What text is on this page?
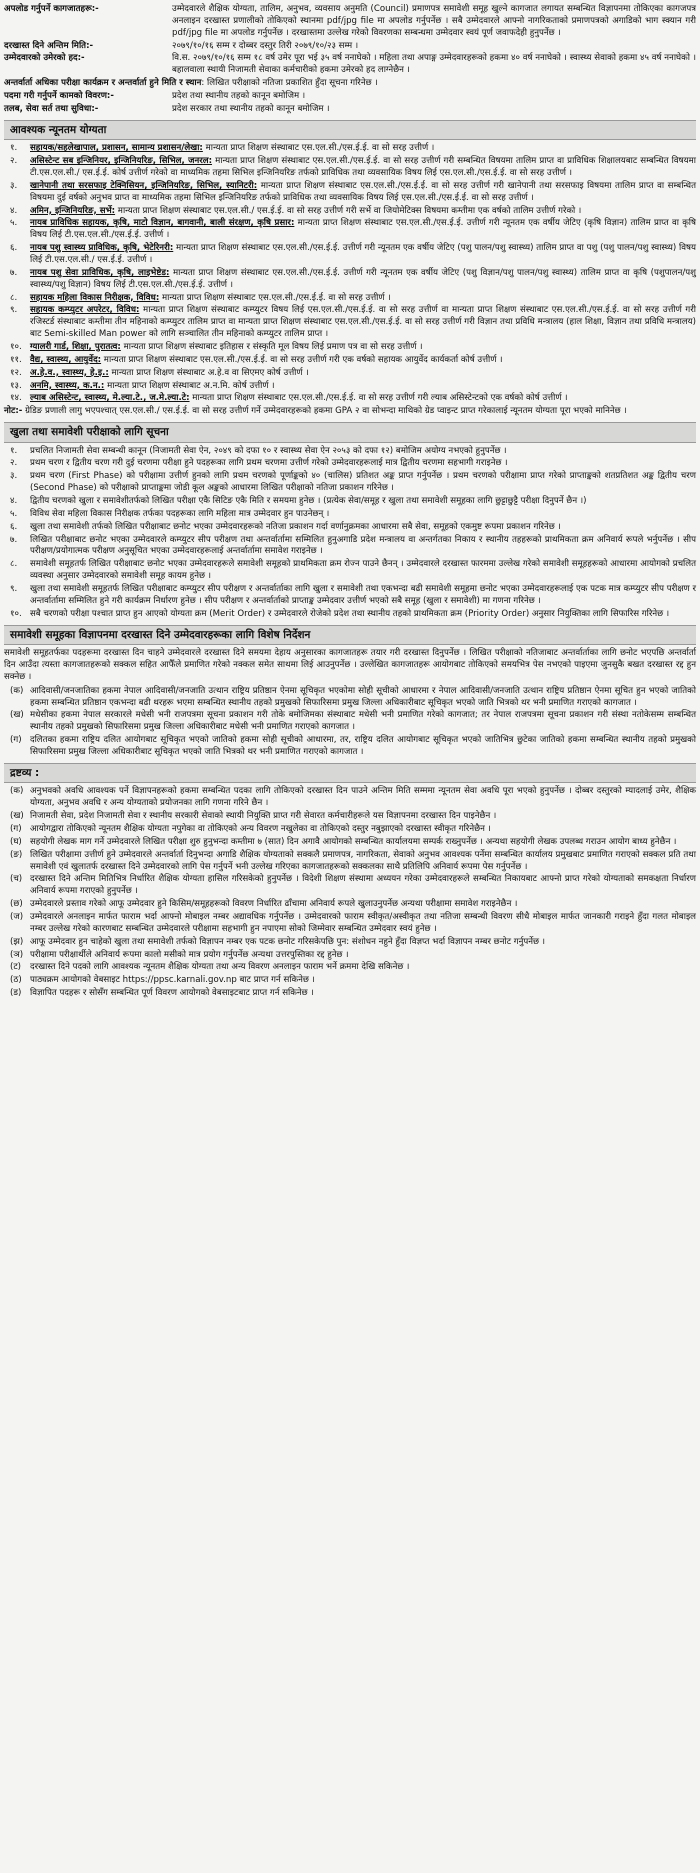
अपलोड गर्नुपर्ने कागजातहरू:-	उम्मेदवारले शैक्षिक योग्यता, तालिम, अनुभव, व्यवसाय अनुमति (Council) प्रमाणपत्र समावेशी समूह खुल्ने कागजात लगायत सम्बन्धित विज्ञापनमा तोकिएका कागजपत्र अनलाइन दरखास्त प्रणालीको तोकिएको स्थानमा pdf/jpg file मा अपलोड गर्नुपर्नेछ । सबै उम्मेदवारले आफ्नो नागरिकताको प्रमाणपत्रको अगाडिको भाग स्क्यान गरी pdf/jpg file मा अपलोड गर्नुपर्नेछ । दरखास्तमा उल्लेख गरेको विवरणका सम्बन्धमा उम्मेदवार स्वयं पूर्ण जवाफदेही हुनुपर्नेछ ।
दरखास्त दिने अन्तिम मिति:-	२०७९/१०/१६ सम्म र दोब्बर दस्तुर तिरी २०७९/१०/२३ सम्म ।
उम्मेदवारको उमेरको हद:-	वि.स. २०७९/१०/१६ सम्म १८ वर्ष उमेर पूरा भई ३५ वर्ष ननाघेको । महिला तथा अपाङ्ग उम्मेदवारहरूको हकमा ४० वर्ष ननाघेको । स्वास्थ्य सेवाको हकमा ४५ वर्ष ननाघेको । बहालवाला स्थायी निजामती सेवाका कर्मचारीको हकमा उमेरको हद लाग्नेछैन ।
अन्तर्वार्ता अधिका परीक्षा कार्यक्रम र अन्तर्वार्ता हुने मिति र स्थान: लिखित परीक्षाको नतिजा प्रकाशित हुँदा सूचना गरिनेछ ।
पदमा गरी गर्नुपर्ने कामको विवरण:-	प्रदेश तथा स्थानीय तहको कानून बमोजिम ।
तलब, सेवा सर्त तथा सुविधा:-	प्रदेश सरकार तथा स्थानीय तहको कानून बमोजिम ।
आवश्यक न्यूनतम योग्यता
१.	सहायक/सहलेखापाल, प्रशासन, सामान्य प्रशासन/लेखा: मान्यता प्राप्त शिक्षण संस्थाबाट एस.एल.सी./एस.ई.ई. वा सो सरह उत्तीर्ण ।
२.	असिस्टेन्ट सब इन्जिनियर, इन्जिनियरिङ, सिभिल, जनरल: मान्यता प्राप्त शिक्षण संस्थाबाट एस.एल.सी./एस.ई.ई. वा सो सरह उत्तीर्ण गरी सम्बन्धित विषयमा तालिम प्राप्त वा प्राविधिक शिक्षालयबाट सम्बन्धित विषयमा टी.एस.एल.सी./ एस.ई.ई. कोर्ष उत्तीर्ण गरेको वा माध्यमिक तहमा सिभिल इन्जिनियरिङ तर्फको प्राविधिक तथा व्यवसायिक विषय लिई एस.एल.सी./एस.ई.ई. वा सो सरह उत्तीर्ण ।
३.	खानेपानी तथा सरसफाइ टेक्निसियन, इन्जिनियरिङ, सिभिल, स्यानिटरी: मान्यता प्राप्त शिक्षण संस्थाबाट एस.एल.सी./एस.ई.ई. वा सो सरह उत्तीर्ण गरी खानेपानी तथा सरसफाइ विषयमा तालिम प्राप्त वा सम्बन्धित विषयमा दुई वर्षको अनुभव प्राप्त वा माध्यमिक तहमा सिभिल इन्जिनियरिङ तर्फको प्राविधिक तथा व्यवसायिक विषय लिई एस.एल.सी./एस.ई.ई. वा सो सरह उत्तीर्ण ।
४.	अमिन, इन्जिनियरिङ, सर्भे: मान्यता प्राप्त शिक्षण संस्थाबाट एस.एल.सी./ एस.ई.ई. वा सो सरह उत्तीर्ण गरी सर्भे वा जियोमेटिक्स विषयमा कम्तीमा एक वर्षको तालिम उत्तीर्ण गरेको ।
५.	नायब प्राविधिक सहायक, कृषि, माटो विज्ञान, बागवानी, बाली संरक्षण, कृषि प्रसार: मान्यता प्राप्त शिक्षण संस्थाबाट एस.एल.सी./एस.ई.ई. उत्तीर्ण गरी न्यूनतम एक वर्षीय जेटिए (कृषि विज्ञान) तालिम प्राप्त वा कृषि विषय लिई टी.एस.एल.सी./एस.ई.ई. उत्तीर्ण ।
६.	नायब पशु स्वास्थ्य प्राविधिक, कृषि, भेटेरिनरी: मान्यता प्राप्त शिक्षण संस्थाबाट एस.एल.सी./एस.ई.ई. उत्तीर्ण गरी न्यूनतम एक वर्षीय जेटिए (पशु पालन/पशु स्वास्थ्य) तालिम प्राप्त वा पशु (पशु पालन/पशु स्वास्थ्य) विषय लिई टी.एस.एल.सी./ एस.ई.ई. उत्तीर्ण ।
७.	नायब पशु सेवा प्राविधिक, कृषि, लाइभेष्टेड: मान्यता प्राप्त शिक्षण संस्थाबाट एस.एल.सी./एस.ई.ई. उत्तीर्ण गरी न्यूनतम एक वर्षीय जेटिए (पशु विज्ञान/पशु पालन/पशु स्वास्थ्य) तालिम प्राप्त वा कृषि (पशुपालन/पशु स्वास्थ्य/पशु विज्ञान) विषय लिई टी.एस.एल.सी./एस.ई.ई. उत्तीर्ण ।
८.	सहायक महिला विकास निरीक्षक, विविध: मान्यता प्राप्त शिक्षण संस्थाबाट एस.एल.सी./एस.ई.ई. वा सो सरह उत्तीर्ण ।
९.	सहायक कम्प्युटर अपरेटर, विविध: मान्यता प्राप्त शिक्षण संस्थाबाट कम्प्युटर विषय लिई एस.एल.सी./एस.ई.ई. वा सो सरह उत्तीर्ण वा मान्यता प्राप्त शिक्षण संस्थाबाट एस.एल.सी./एस.ई.ई. वा सो सरह उत्तीर्ण गरी रजिस्टर्ड संस्थाबाट कम्तीमा तीन महिनाको कम्प्युटर तालिम प्राप्त वा मान्यता प्राप्त शिक्षण संस्थाबाट एस.एल.सी./एस.ई.ई. वा सो सरह उत्तीर्ण गरी विज्ञान तथा प्रविधि मन्त्रालय (हाल शिक्षा, विज्ञान तथा प्रविधि मन्त्रालय) बाट Semi-skilled Man power को लागि सञ्चालित तीन महिनाको कम्प्युटर तालिम प्राप्त ।
१०. ग्यालरी गार्ड, शिक्षा, पुरातत्व: मान्यता प्राप्त शिक्षण संस्थाबाट इतिहास र संस्कृति मूल विषय लिई प्रमाण पत्र वा सो सरह उत्तीर्ण ।
११. वैद्य, स्वास्थ्य, आयुर्वेद: मान्यता प्राप्त शिक्षण संस्थाबाट एस.एल.सी./एस.ई.ई. वा सो सरह उत्तीर्ण गरी एक वर्षको सहायक आयुर्वेद कार्यकर्ता कोर्ष उत्तीर्ण ।
१२. अ.हे.व., स्वास्थ्य, हे.इ.: मान्यता प्राप्त शिक्षण संस्थाबाट अ.हे.व वा सिएमए कोर्ष उत्तीर्ण ।
१३. अनमि, स्वास्थ्य, क.न.: मान्यता प्राप्त शिक्षण संस्थाबाट अ.न.मि. कोर्ष उत्तीर्ण ।
१४. ल्याब असिस्टेन्ट, स्वास्थ्य, मे.ल्या.टे., ज.मे.ल्या.टे: मान्यता प्राप्त शिक्षण संस्थाबाट एस.एल.सी./एस.ई.ई. वा सो सरह उत्तीर्ण गरी ल्याब असिस्टेन्टको एक वर्षको कोर्ष उत्तीर्ण ।
नोट:- ग्रेडिङ प्रणाली लागु भएपश्चात् एस.एल.सी./ एस.ई.ई. वा सो सरह उत्तीर्ण गर्ने उम्मेदवारहरूको हकमा GPA २ वा सोभन्दा माथिको ग्रेड प्वाइन्ट प्राप्त गरेकालाई न्यूनतम योग्यता पूरा भएको मानिनेछ ।
खुला तथा समावेशी परीक्षाको लागि सूचना
१.	प्रचलित निजामती सेवा सम्बन्धी कानून (निजामती सेवा ऐन, २०४९ को दफा १० र स्वास्थ्य सेवा ऐन २०५३ को दफा १२) बमोजिम अयोग्य नभएको हुनुपर्नेछ ।
२.	प्रथम चरण र द्वितीय चरण गरी दुई चरणमा परीक्षा हुने पदहरूका लागि प्रथम चरणमा उत्तीर्ण गरेको उम्मेदवारहरूलाई मात्र द्वितीय चरणमा सहभागी गराइनेछ ।
३.	प्रथम चरण (First Phase) को परीक्षामा उत्तीर्ण हुनको लागि प्रथम चरणको पूर्णाङ्कको ४० (चालिस) प्रतिशत अङ्क प्राप्त गर्नुपर्नेछ । प्रथम चरणको परीक्षामा प्राप्त गरेको प्राप्ताङ्कको शतप्रतिशत अङ्क द्वितीय चरण (Second Phase) को परीक्षाको प्राप्ताङ्कमा जोडी कूल अङ्कको आधारमा लिखित परीक्षाको नतिजा प्रकाशन गरिनेछ ।
४.	द्वितीय चरणको खुला र समावेशीतर्फको लिखित परीक्षा एकै सिटिङ एकै मिति र समयमा हुनेछ । (प्रत्येक सेवा/समूह र खुला तथा समावेशी समूहका लागि छुट्टाछुट्टै परीक्षा दिनुपर्ने छैन ।)
५.	विविध सेवा महिला विकास निरीक्षक तर्फका पदहरूका लागि महिला मात्र उम्मेदवार हुन पाउनेछन् ।
६.	खुला तथा समावेशी तर्फको लिखित परीक्षाबाट छनोट भएका उम्मेदवारहरूको नतिजा प्रकाशन गर्दा वर्णानुक्रमका आधारमा सबै सेवा, समूहको एकमुष्ट रूपमा प्रकाशन गरिनेछ ।
७.	लिखित परीक्षाबाट छनोट भएका उम्मेदवारले कम्प्युटर सीप परीक्षण तथा अन्तर्वार्तामा सम्मिलित हुनुअगाडि प्रदेश मन्त्रालय वा अन्तर्गतका निकाय र स्थानीय तहहरूको प्राथमिकता क्रम अनिवार्य रूपले भर्नुपर्नेछ । सीप परीक्षण/प्रयोगात्मक परीक्षण अनुसूचित भएका उम्मेदवारहरूलाई अन्तर्वार्तामा समावेश गराइनेछ ।
८.	समावेशी समूहतर्फ लिखित परीक्षाबाट छनोट भएका उम्मेदवारहरूले समावेशी समूहको प्राथमिकता क्रम रोज्न पाउने छैनन् । उम्मेदवारले दरखास्त फारममा उल्लेख गरेको समावेशी समूहहरूको आधारमा आयोगको प्रचलित व्यवस्था अनुसार उम्मेदवारको समावेशी समूह कायम हुनेछ ।
९.	खुला तथा समावेशी समूहतर्फ लिखित परीक्षाबाट कम्प्युटर सीप परीक्षण र अन्तर्वार्ताका लागि खुला र समावेशी तथा एकभन्दा बढी समावेशी समूहमा छनोट भएका उम्मेदवारहरूलाई एक पटक मात्र कम्प्युटर सीप परीक्षण र अन्तर्वार्तामा सम्मिलित हुने गरी कार्यक्रम निर्धारण हुनेछ । सीप परीक्षण र अन्तर्वार्ताको प्राप्ताङ्क उम्मेदवार उत्तीर्ण भएको सबै समूह (खुला र समावेशी) मा गणना गरिनेछ ।
१०. सबै चरणको परीक्षा पश्चात प्राप्त हुन आएको योग्यता क्रम (Merit Order) र उम्मेदवारले रोजेको प्रदेश तथा स्थानीय तहको प्राथमिकता क्रम (Priority Order) अनुसार नियुक्तिका लागि सिफारिस गरिनेछ ।
समावेशी समूहका विज्ञापनमा दरखास्त दिने उम्मेदवारहरूका लागि विशेष निर्देशन
समावेशी समूहतर्फका पदहरूमा दरखास्त दिन चाहने उम्मेदवारले दरखास्त दिने समयमा देहाय अनुसारका कागजातहरू तयार गरी दरखास्त दिनुपर्नेछ । लिखित परीक्षाको नतिजाबाट अन्तर्वार्ताका लागि छनोट भएपछि अन्तर्वार्ता दिन आउँदा त्यस्ता कागजातहरूको सक्कल सहित आफैँले प्रमाणित गरेको नक्कल समेत साथमा लिई आउनुपर्नेछ । उल्लेखित कागजातहरू आयोगबाट तोकिएको समयभित्र पेस नभएको पाइएमा जुनसुकै बखत दरखास्त रद्द हुन सक्नेछ ।
(क) आदिवासी/जनजातिका हकमा नेपाल आदिवासी/जनजाति उत्थान राष्ट्रिय प्रतिष्ठान ऐनमा सूचिकृत भएकोमा सोही सूचीको आधारमा र नेपाल आदिवासी/जनजाति उत्थान राष्ट्रिय प्रतिष्ठान ऐनमा सूचित हुन भएको जातिको हकमा सम्बन्धित प्रतिष्ठान एकभन्दा बढी थरहरू भएमा सम्बन्धित स्थानीय तहको प्रमुखको सिफारिसमा प्रमुख जिल्ला अधिकारीबाट सूचिकृत भएको जाति भित्रको थर भनी प्रमाणित गराएको कागजात ।
(ख) मधेसीका हकमा नेपाल सरकारले मधेसी भनी राजपत्रमा सूचना प्रकाशन गरी तोके बमोजिमका संस्थाबाट मधेसी भनी प्रमाणित गरेको कागजात; तर नेपाल राजपत्रमा सूचना प्रकाशन गरी संस्था नतोकेसम्म सम्बन्धित स्थानीय तहको प्रमुखको सिफारिसमा प्रमुख जिल्ला अधिकारीबाट मधेसी भनी प्रमाणित गराएको कागजात ।
(ग) दलितका हकमा राष्ट्रिय दलित आयोगबाट सूचिकृत भएको जातिको हकमा सोही सूचीको आधारमा, तर, राष्ट्रिय दलित आयोगबाट सूचिकृत भएको जातिभित्र छुटेका जातिको हकमा सम्बन्धित स्थानीय तहको प्रमुखको सिफारिसमा प्रमुख जिल्ला अधिकारीबाट सूचिकृत भएको जाति भित्रको थर भनी प्रमाणित गराएको कागजात ।
द्रष्टव्य :
(क) अनुभवको अवधि आवश्यक पर्ने विज्ञापनहरूको हकमा सम्बन्धित पदका लागि तोकिएको दरखास्त दिन पाउने अन्तिम मिति सम्ममा न्यूनतम सेवा अवधि पूरा भएको हुनुपर्नेछ । दोब्बर दस्तुरको म्यादलाई उमेर, शैक्षिक योग्यता, अनुभव अवधि र अन्य योग्यताको प्रयोजनका लागि गणना गरिने छैन ।
(ख) निजामती सेवा, प्रदेश निजामती सेवा र स्थानीय सरकारी सेवाको स्थायी नियुक्ति प्राप्त गरी सेवारत कर्मचारीहरूले यस विज्ञापनमा दरखास्त दिन पाइनेछैन ।
(ग) आयोगद्वारा तोकिएको न्यूनतम शैक्षिक योग्यता नपुगेका वा तोकिएको अन्य विवरण नखुलेका वा तोकिएको दस्तुर नबुझाएको दरखास्त स्वीकृत गरिनेछैन ।
(घ) सहयोगी लेखक माग गर्ने उम्मेदवारले लिखित परीक्षा शुरु हुनुभन्दा कम्तीमा ७ (सात) दिन अगावै आयोगको सम्बन्धित कार्यालयमा सम्पर्क राख्नुपर्नेछ । अन्यथा सहयोगी लेखक उपलब्ध गराउन आयोग बाध्य हुनेछैन ।
(ङ) लिखित परीक्षामा उत्तीर्ण हुने उम्मेदवारले अन्तर्वार्ता दिनुभन्दा अगाडि शैक्षिक योग्यताको सक्कलै प्रमाणपत्र, नागरिकता, सेवाको अनुभव आवश्यक पर्नेमा सम्बन्धित कार्यालय प्रमुखबाट प्रमाणित गराएको सक्कल प्रति तथा समावेशी एवं खुलातर्फ दरखास्त दिने उम्मेदवारको लागि पेस गर्नुपर्ने भनी उल्लेख गरिएका कागजातहरूको सक्कलका साथै प्रतिलिपि अनिवार्य रूपमा पेस गर्नुपर्नेछ ।
(च) दरखास्त दिने अन्तिम मितिभित्र निर्धारित शैक्षिक योग्यता हासिल गरिसकेको हुनुपर्नेछ । विदेशी शिक्षण संस्थामा अध्ययन गरेका उम्मेदवारहरूले सम्बन्धित निकायबाट आफ्नो प्राप्त गरेको योग्यताको समकक्षता निर्धारण अनिवार्य रूपमा गराएको हुनुपर्नेछ ।
(छ) उम्मेदवारले प्रस्ताव गरेको आफू उम्मेदवार हुने किसिम/समूहहरूको विवरण निर्धारित ढाँचामा अनिवार्य रूपले खुलाउनुपर्नेछ अन्यथा परीक्षामा समावेश गराइनेछैन ।
(ज) उम्मेदवारले अनलाइन मार्फत फाराम भर्दा आफ्नो मोबाइल नम्बर अद्यावधिक गर्नुपर्नेछ । उम्मेदवारको फाराम स्वीकृत/अस्वीकृत तथा नतिजा सम्बन्धी विवरण सीधै मोबाइल मार्फत जानकारी गराइने हुँदा गलत मोबाइल नम्बर उल्लेख गरेको कारणबाट सम्बन्धित उम्मेदवारले परीक्षामा सहभागी हुन नपाएमा सोको जिम्मेवार सम्बन्धित उम्मेदवार स्वयं हुनेछ ।
(झ) आफू उम्मेदवार हुन चाहेको खुला तथा समावेशी तर्फको विज्ञापन नम्बर एक पटक छनोट गरिसकेपछि पुन: संशोधन नहुने हुँदा विज्ञप्त भर्दा विज्ञापन नम्बर छनोट गर्नुपर्नेछ ।
(ञ) परीक्षामा परीक्षार्थीले अनिवार्य रूपमा कालो मसीको मात्र प्रयोग गर्नुपर्नेछ अन्यथा उत्तरपुस्तिका रद्द हुनेछ ।
(ट)	दरखास्त दिने पदको लागि आवश्यक न्यूनतम शैक्षिक योग्यता तथा अन्य विवरण अनलाइन फाराम भर्ने क्रममा देखि सकिनेछ ।
(ठ) पाठ्यक्रम आयोगको वेबसाइट https://ppsc.karnali.gov.np बाट प्राप्त गर्न सकिनेछ ।
(ड)	विज्ञापित पदहरू र सोसँग सम्बन्धित पूर्ण विवरण आयोगको वेबसाइटबाट प्राप्त गर्न सकिनेछ ।
